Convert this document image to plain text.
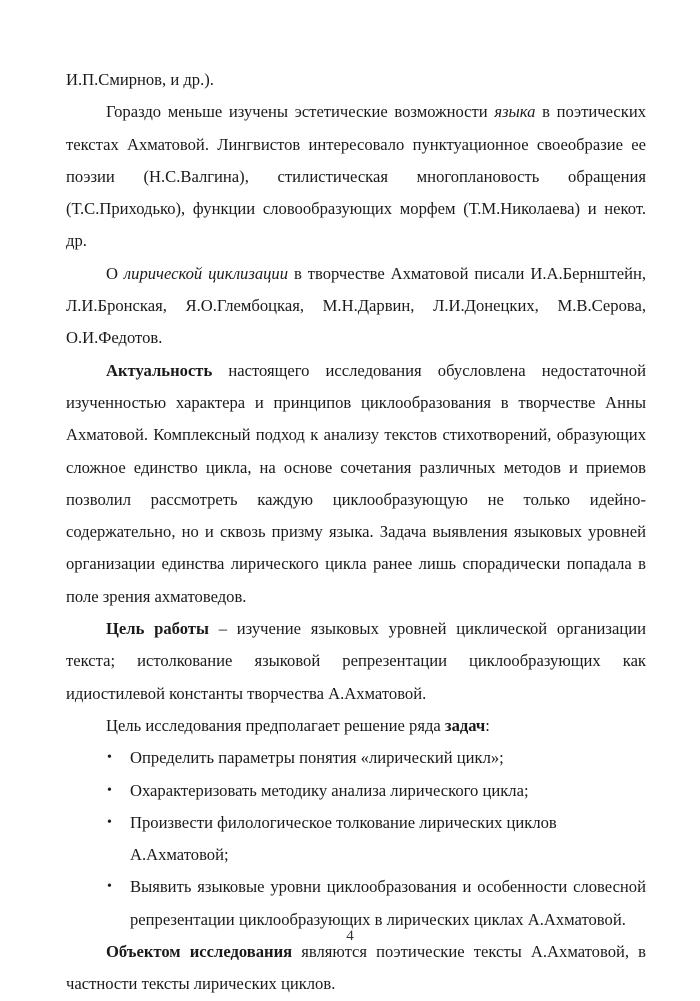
И.П.Смирнов, и др.).

Гораздо меньше изучены эстетические возможности языка в поэтических текстах Ахматовой. Лингвистов интересовало пунктуационное своеобразие ее поэзии (Н.С.Валгина), стилистическая многоплановость обращения (Т.С.Приходько), функции словообразующих морфем (Т.М.Николаева) и некот. др.

О лирической циклизации в творчестве Ахматовой писали И.А.Бернштейн, Л.И.Бронская, Я.О.Глембоцкая, М.Н.Дарвин, Л.И.Донецких, М.В.Серова, О.И.Федотов.

Актуальность настоящего исследования обусловлена недостаточной изученностью характера и принципов циклообразования в творчестве Анны Ахматовой. Комплексный подход к анализу текстов стихотворений, образующих сложное единство цикла, на основе сочетания различных методов и приемов позволил рассмотреть каждую циклообразующую не только идейно-содержательно, но и сквозь призму языка. Задача выявления языковых уровней организации единства лирического цикла ранее лишь спорадически попадала в поле зрения ахматоведов.

Цель работы – изучение языковых уровней циклической организации текста; истолкование языковой репрезентации циклообразующих как идиостилевой константы творчества А.Ахматовой.

Цель исследования предполагает решение ряда задач:

• Определить параметры понятия «лирический цикл»;
• Охарактеризовать методику анализа лирического цикла;
• Произвести филологическое толкование лирических циклов А.Ахматовой;
• Выявить языковые уровни циклообразования и особенности словесной репрезентации циклообразующих в лирических циклах А.Ахматовой.

Объектом исследования являются поэтические тексты А.Ахматовой, в частности тексты лирических циклов.

4
